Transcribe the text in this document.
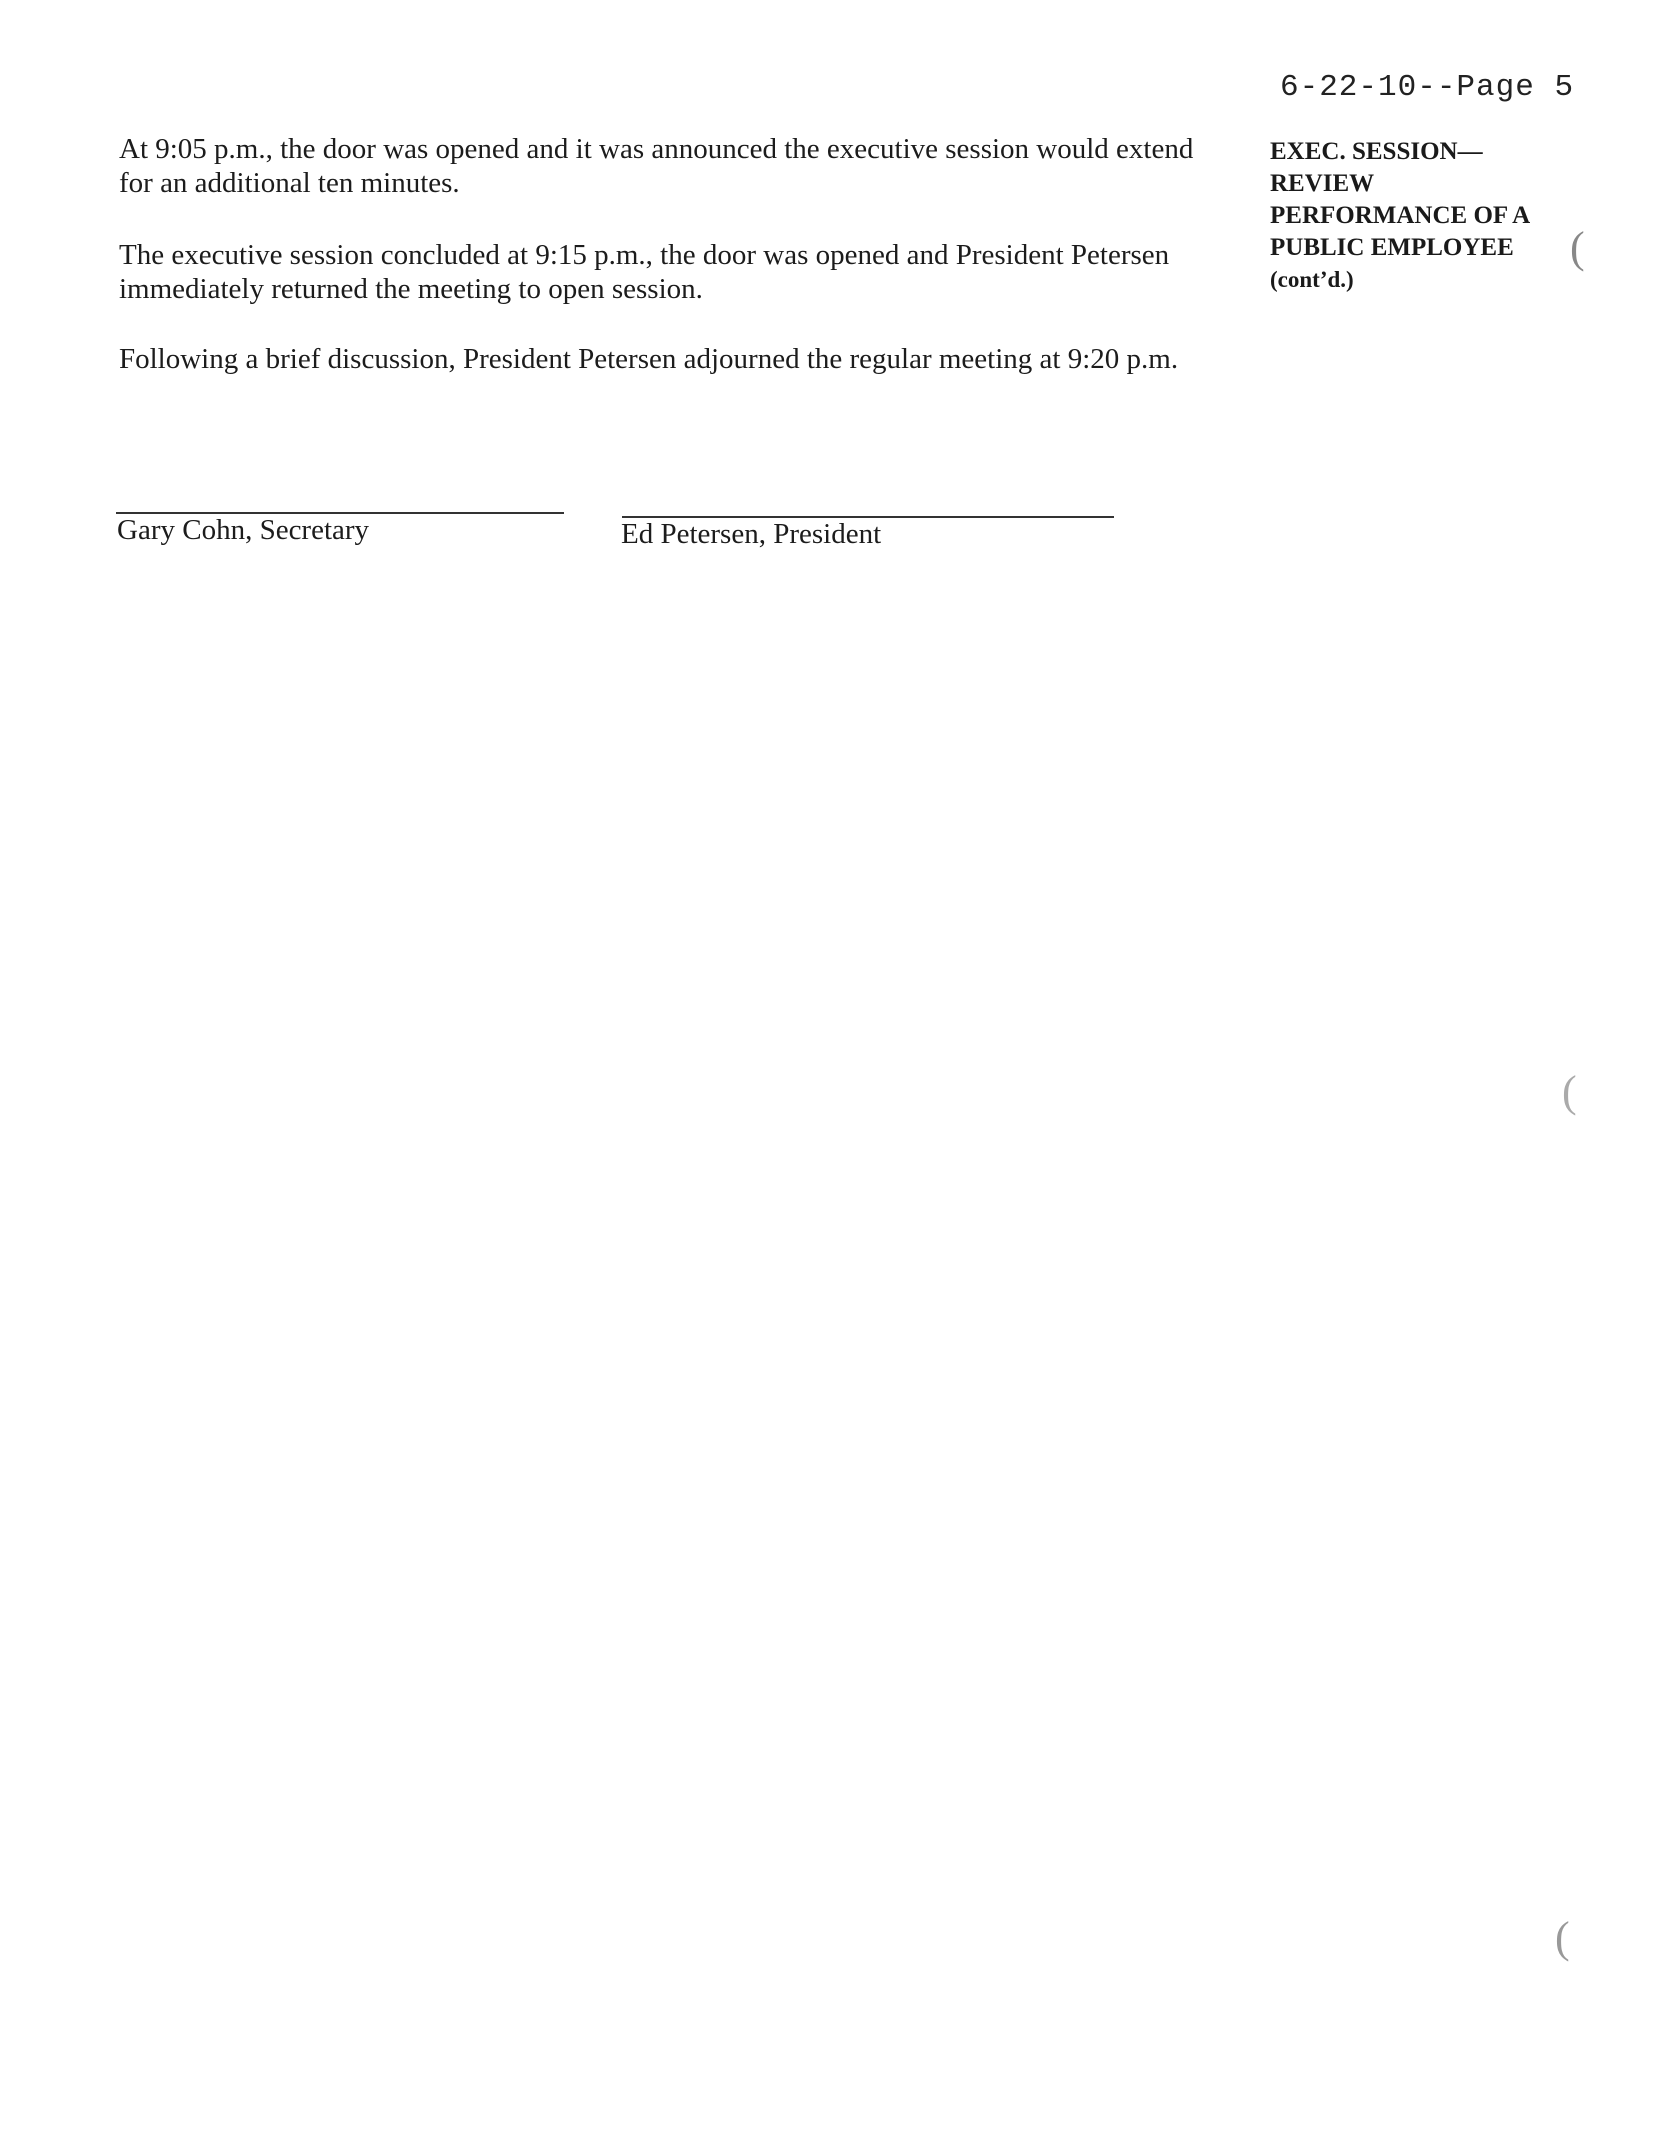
6-22-10--Page 5
At 9:05 p.m., the door was opened and it was announced the executive session would extend for an additional ten minutes.
The executive session concluded at 9:15 p.m., the door was opened and President Petersen immediately returned the meeting to open session.
Following a brief discussion, President Petersen adjourned the regular meeting at 9:20 p.m.
EXEC. SESSION—
REVIEW
PERFORMANCE OF A
PUBLIC EMPLOYEE
(cont’d.)
Gary Cohn, Secretary	Ed Petersen, President
(
(
(
